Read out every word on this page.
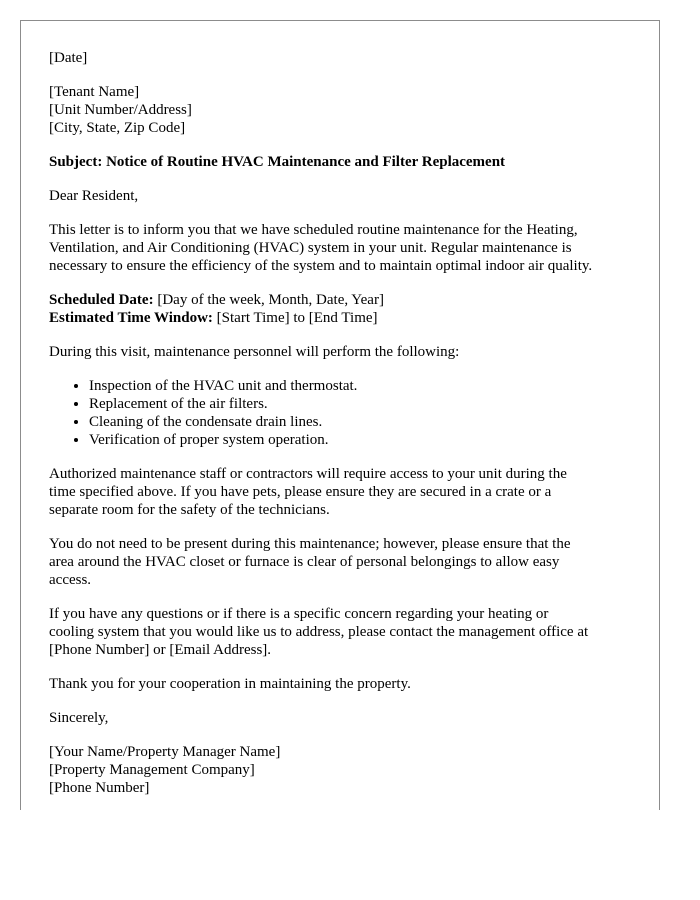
[Date]

[Tenant Name]
[Unit Number/Address]
[City, State, Zip Code]

Subject: Notice of Routine HVAC Maintenance and Filter Replacement

Dear Resident,

This letter is to inform you that we have scheduled routine maintenance for the Heating,
Ventilation, and Air Conditioning (HVAC) system in your unit. Regular maintenance is
necessary to ensure the efficiency of the system and to maintain optimal indoor air quality.

Scheduled Date: [Day of the week, Month, Date, Year]
Estimated Time Window: [Start Time] to [End Time]

During this visit, maintenance personnel will perform the following:

• Inspection of the HVAC unit and thermostat.
• Replacement of the air filters.
• Cleaning of the condensate drain lines.
• Verification of proper system operation.

Authorized maintenance staff or contractors will require access to your unit during the
time specified above. If you have pets, please ensure they are secured in a crate or a
separate room for the safety of the technicians.

You do not need to be present during this maintenance; however, please ensure that the
area around the HVAC closet or furnace is clear of personal belongings to allow easy
access.

If you have any questions or if there is a specific concern regarding your heating or
cooling system that you would like us to address, please contact the management office at
[Phone Number] or [Email Address].

Thank you for your cooperation in maintaining the property.

Sincerely,

[Your Name/Property Manager Name]
[Property Management Company]
[Phone Number]
